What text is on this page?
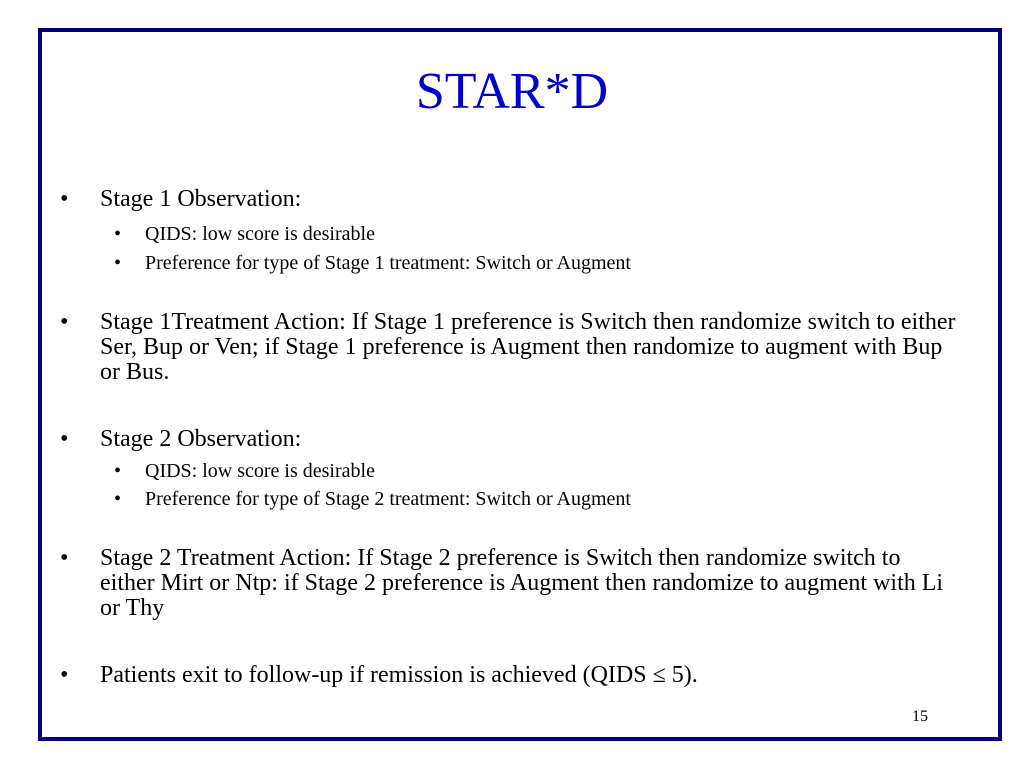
STAR*D
• Stage 1 Observation:
• QIDS: low score is desirable
• Preference for type of Stage 1 treatment: Switch or Augment
• Stage 1Treatment Action: If Stage 1 preference is Switch then randomize switch to either Ser, Bup or Ven; if Stage 1 preference is Augment then randomize to augment with Bup or Bus.
• Stage 2 Observation:
• QIDS: low score is desirable
• Preference for type of Stage 2 treatment: Switch or Augment
• Stage 2 Treatment Action: If Stage 2 preference is Switch then randomize switch to either Mirt or Ntp: if Stage 2 preference is Augment then randomize to augment with Li or Thy
• Patients exit to follow-up if remission is achieved (QIDS ≤ 5).
15
